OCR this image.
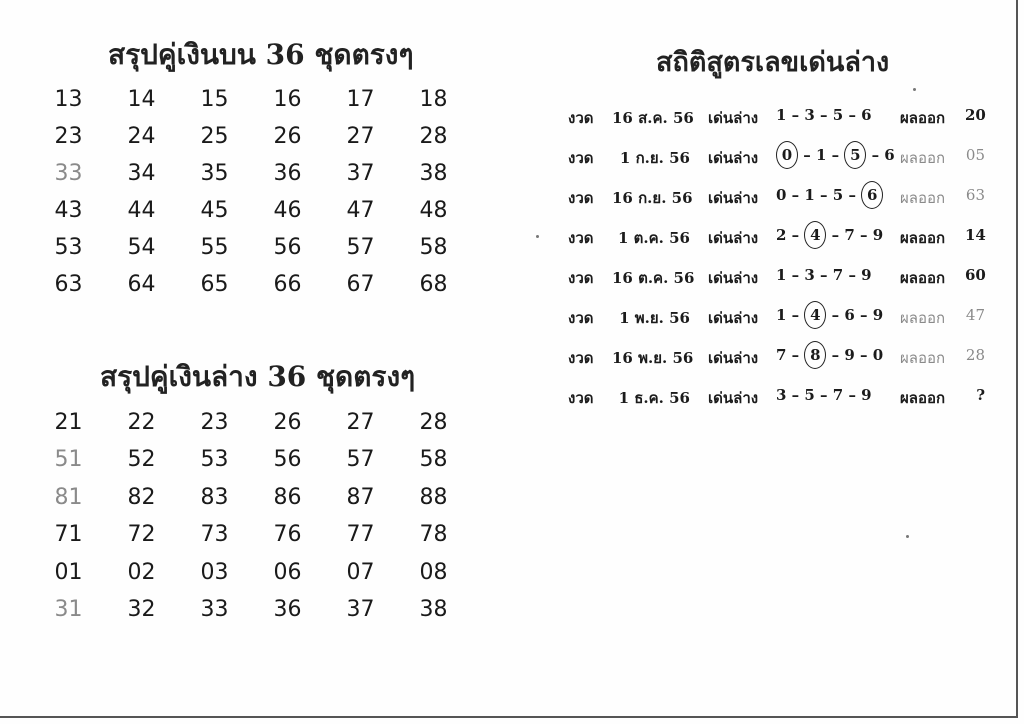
สรุปคู่เงินบน 36 ชุดตรงๆ
13	14	15	16	17	18
23	24	25	26	27	28
33	34	35	36	37	38
43	44	45	46	47	48
53	54	55	56	57	58
63	64	65	66	67	68
สรุปคู่เงินล่าง 36 ชุดตรงๆ
21	22	23	26	27	28
51	52	53	56	57	58
81	82	83	86	87	88
71	72	73	76	77	78
01	02	03	06	07	08
31	32	33	36	37	38
สถิติสูตรเลขเด่นล่าง
งวด 16 ส.ค. 56 เด่นล่าง 1 – 3 – 5 – 6 ผลออก 20
งวด	1 ก.ย. 56 เด่นล่าง	0 – 1 – 5 – 6 ผลออก 05
งวด 16 ก.ย. 56 เด่นล่าง 0 – 1 – 5 – 6	ผลออก 63
งวด	1 ต.ค. 56 เด่นล่าง 2 – 4 – 7 – 9 ผลออก 14
งวด 16 ต.ค. 56 เด่นล่าง 1 – 3 – 7 – 9 ผลออก 60
งวด	1 พ.ย. 56 เด่นล่าง 1 – 4 – 6 – 9 ผลออก 47
งวด 16 พ.ย. 56 เด่นล่าง 7 – 8 – 9 – 0 ผลออก 28
งวด	1 ธ.ค. 56 เด่นล่าง 3 – 5 – 7 – 9 ผลออก	?
